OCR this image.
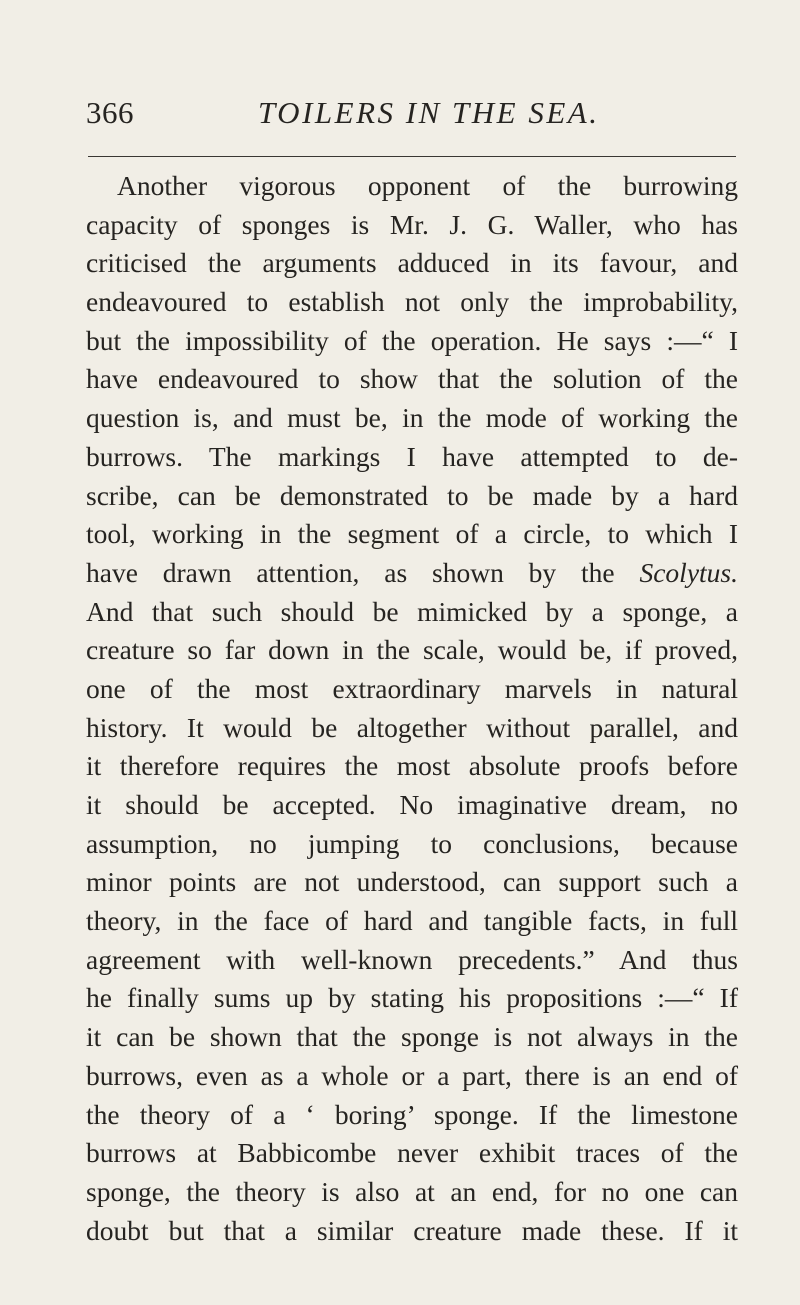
366	TOILERS IN THE SEA.
Another vigorous opponent of the burrowing
capacity of sponges is Mr. J. G. Waller, who has
criticised the arguments adduced in its favour, and
endeavoured to establish not only the improbability,
but the impossibility of the operation. He says :—“ I
have endeavoured to show that the solution of the
question is, and must be, in the mode of working the
burrows. The markings I have attempted to de-
scribe, can be demonstrated to be made by a hard
tool, working in the segment of a circle, to which I
have drawn attention, as shown by the Scolytus.
And that such should be mimicked by a sponge, a
creature so far down in the scale, would be, if proved,
one of the most extraordinary marvels in natural
history. It would be altogether without parallel, and
it therefore requires the most absolute proofs before
it should be accepted. No imaginative dream, no
assumption, no jumping to conclusions, because
minor points are not understood, can support such a
theory, in the face of hard and tangible facts, in full
agreement with well-known precedents.” And thus
he finally sums up by stating his propositions :—“ If
it can be shown that the sponge is not always in the
burrows, even as a whole or a part, there is an end of
the theory of a ‘ boring’ sponge. If the limestone
burrows at Babbicombe never exhibit traces of the
sponge, the theory is also at an end, for no one can
doubt but that a similar creature made these. If it
